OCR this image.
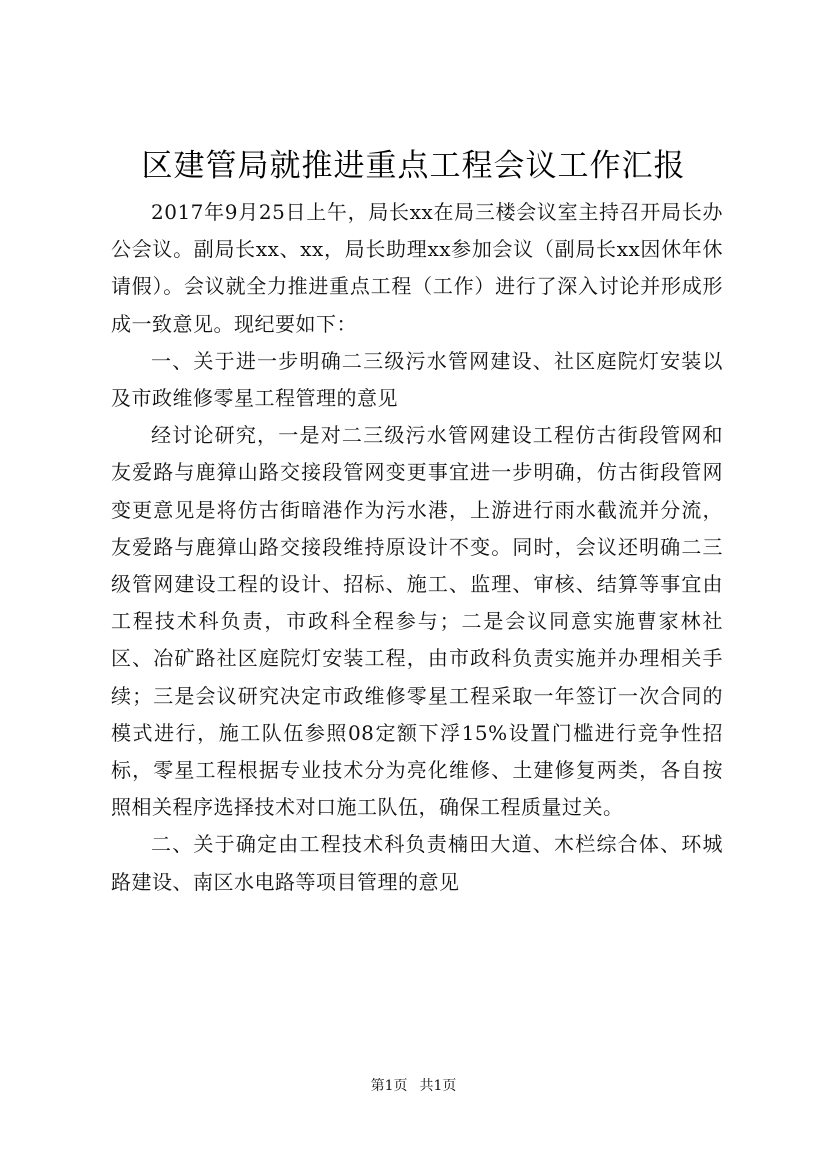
区建管局就推进重点工程会议工作汇报

2017年9月25日上午，局长xx在局三楼会议室主持召开局长办公会议。副局长xx、xx，局长助理xx参加会议（副局长xx因休年休请假）。会议就全力推进重点工程（工作）进行了深入讨论并形成形成一致意见。现纪要如下：

一、关于进一步明确二三级污水管网建设、社区庭院灯安装以及市政维修零星工程管理的意见

经讨论研究，一是对二三级污水管网建设工程仿古街段管网和友爱路与鹿獐山路交接段管网变更事宜进一步明确，仿古街段管网变更意见是将仿古街暗港作为污水港，上游进行雨水截流并分流，友爱路与鹿獐山路交接段维持原设计不变。同时，会议还明确二三级管网建设工程的设计、招标、施工、监理、审核、结算等事宜由工程技术科负责，市政科全程参与；二是会议同意实施曹家林社区、冶矿路社区庭院灯安装工程，由市政科负责实施并办理相关手续；三是会议研究决定市政维修零星工程采取一年签订一次合同的模式进行，施工队伍参照08定额下浮15%设置门槛进行竞争性招标，零星工程根据专业技术分为亮化维修、土建修复两类，各自按照相关程序选择技术对口施工队伍，确保工程质量过关。

二、关于确定由工程技术科负责楠田大道、木栏综合体、环城路建设、南区水电路等项目管理的意见

第1页 共1页
